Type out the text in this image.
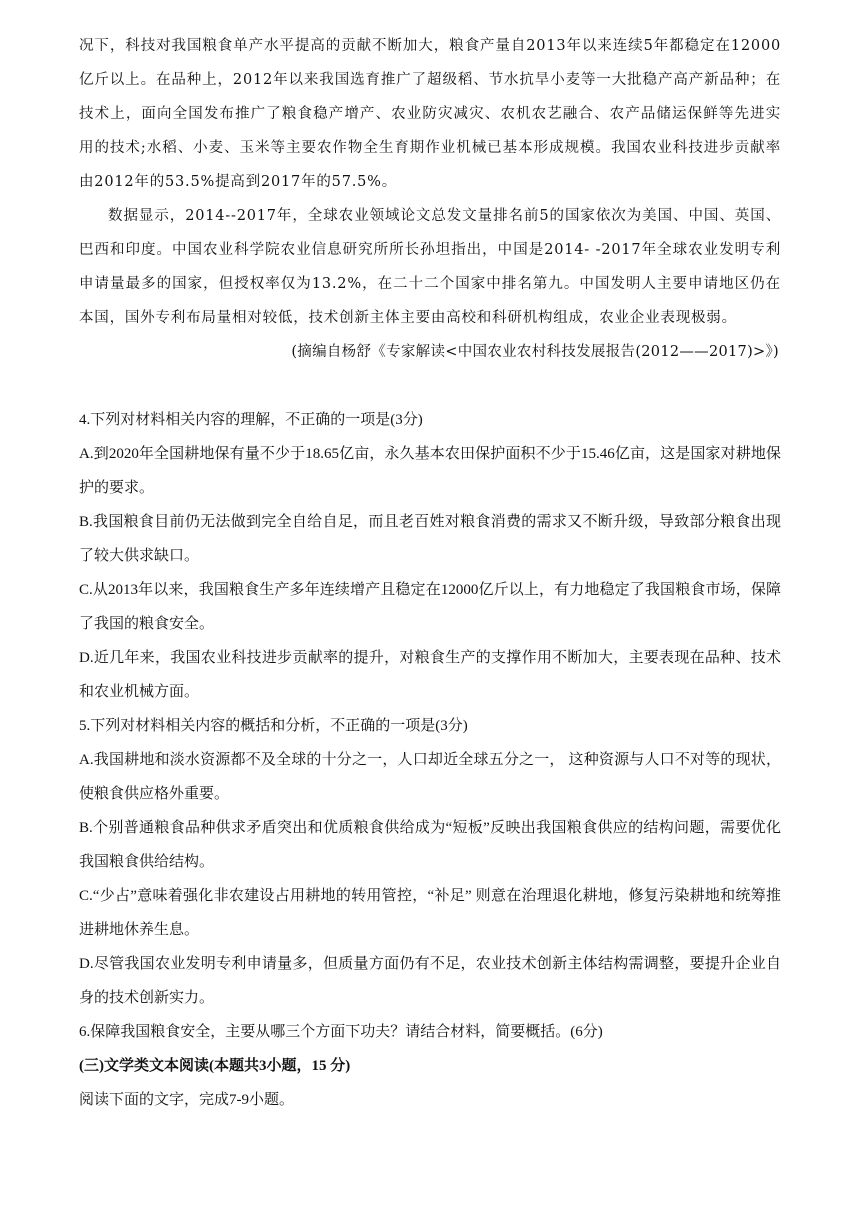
况下，科技对我国粮食单产水平提高的贡献不断加大，粮食产量自2013年以来连续5年都稳定在12000亿斤以上。在品种上，2012年以来我国选育推广了超级稻、节水抗旱小麦等一大批稳产高产新品种；在技术上，面向全国发布推广了粮食稳产增产、农业防灾减灾、农机农艺融合、农产品储运保鲜等先进实用的技术;水稻、小麦、玉米等主要农作物全生育期作业机械已基本形成规模。我国农业科技进步贡献率由2012年的53.5%提高到2017年的57.5%。

数据显示，2014--2017年，全球农业领域论文总发文量排名前5的国家依次为美国、中国、英国、巴西和印度。中国农业科学院农业信息研究所所长孙坦指出，中国是2014- -2017年全球农业发明专利申请量最多的国家，但授权率仅为13.2%，在二十二个国家中排名第九。中国发明人主要申请地区仍在本国，国外专利布局量相对较低，技术创新主体主要由高校和科研机构组成，农业企业表现极弱。

(摘编自杨舒《专家解读<中国农业农村科技发展报告(2012——2017)>》)

4.下列对材料相关内容的理解，不正确的一项是(3分)

A.到2020年全国耕地保有量不少于18.65亿亩，永久基本农田保护面积不少于15.46亿亩，这是国家对耕地保护的要求。

B.我国粮食目前仍无法做到完全自给自足，而且老百姓对粮食消费的需求又不断升级，导致部分粮食出现了较大供求缺口。

C.从2013年以来，我国粮食生产多年连续增产且稳定在12000亿斤以上，有力地稳定了我国粮食市场，保障了我国的粮食安全。

D.近几年来，我国农业科技进步贡献率的提升，对粮食生产的支撑作用不断加大，主要表现在品种、技术和农业机械方面。

5.下列对材料相关内容的概括和分析，不正确的一项是(3分)

A.我国耕地和淡水资源都不及全球的十分之一，人口却近全球五分之一， 这种资源与人口不对等的现状，使粮食供应格外重要。

B.个别普通粮食品种供求矛盾突出和优质粮食供给成为“短板”反映出我国粮食供应的结构问题，需要优化我国粮食供给结构。

C.“少占”意味着强化非农建设占用耕地的转用管控，“补足” 则意在治理退化耕地，修复污染耕地和统筹推进耕地休养生息。

D.尽管我国农业发明专利申请量多，但质量方面仍有不足，农业技术创新主体结构需调整，要提升企业自身的技术创新实力。

6.保障我国粮食安全，主要从哪三个方面下功夫？请结合材料，简要概括。(6分)

(三)文学类文本阅读(本题共3小题，15 分)

阅读下面的文字，完成7-9小题。
